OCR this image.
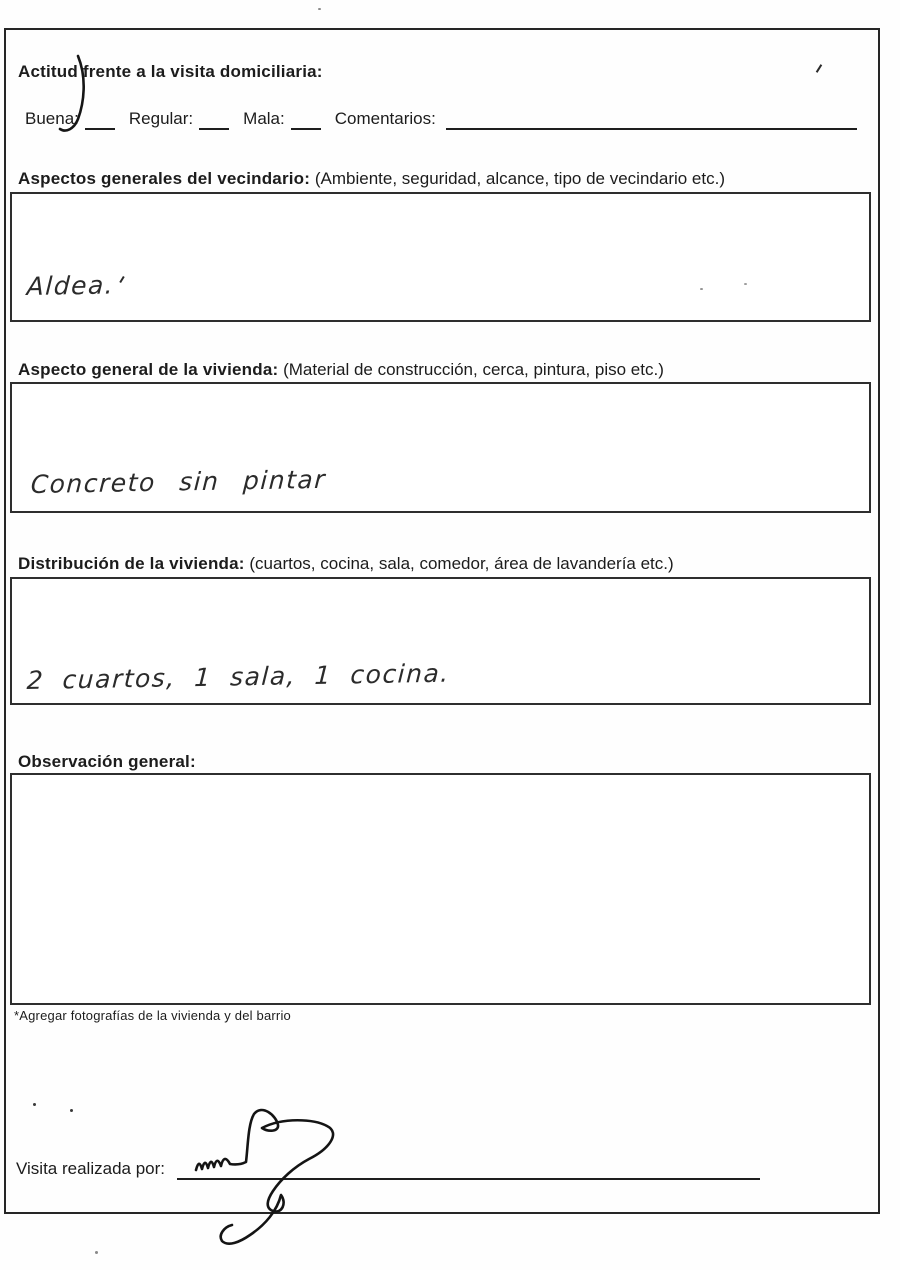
Actitud frente a la visita domiciliaria:
Buena:	Regular:	Mala:	Comentarios:
Aspectos generales del vecindario: (Ambiente, seguridad, alcance, tipo de vecindario etc.)
Aldea.
Aspecto general de la vivienda: (Material de construcción, cerca, pintura, piso etc.)
Concreto sin pintar
Distribución de la vivienda: (cuartos, cocina, sala, comedor, área de lavandería etc.)
2 cuartos, 1 sala, 1 cocina.
Observación general:
*Agregar fotografías de la vivienda y del barrio
Visita realizada por:
